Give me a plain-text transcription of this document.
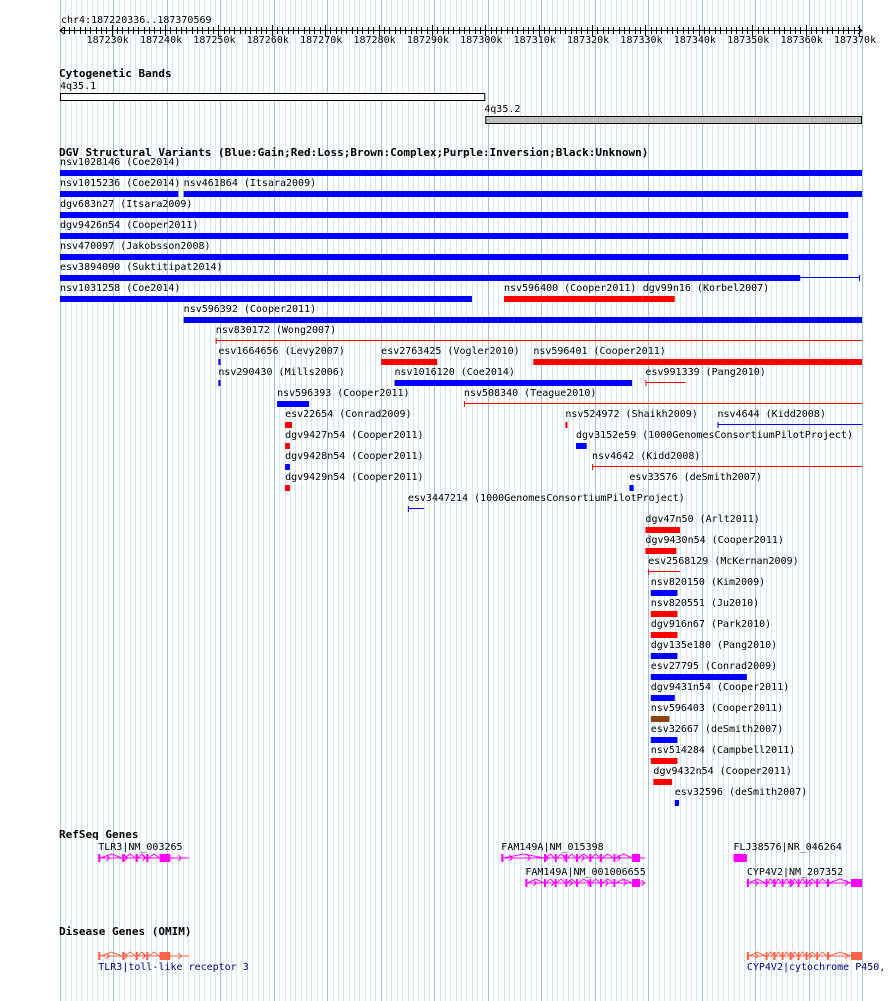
chr4:187220336..187370569
187230k 187240k 187250k 187260k 187270k 187280k 187290k 187300k 187310k 187320k 187330k 187340k 187350k 187360k 187370k
Cytogenetic Bands
4q35.1
4q35.2
DGV Structural Variants (Blue:Gain;Red:Loss;Brown:Complex;Purple:Inversion;Black:Unknown)
nsv1028146 (Coe2014)
nsv1015236 (Coe2014) nsv461864 (Itsara2009)
dgv683n27 (Itsara2009)
dgv9426n54 (Cooper2011)
nsv470097 (Jakobsson2008)
esv3894090 (Suktitipat2014)
nsv1031258 (Coe2014)	nsv596400 (Cooper2011) dgv99n16 (Korbel2007)
nsv596392 (Cooper2011)
nsv830172 (Wong2007)
esv1664656 (Levy2007)	esv2763425 (Vogler2010) nsv596401 (Cooper2011)
nsv290430 (Mills2006)	nsv1016120 (Coe2014)	esv991339 (Pang2010)
nsv596393 (Cooper2011)	nsv508340 (Teague2010)
esv22654 (Conrad2009)	nsv524972 (Shaikh2009) nsv4644 (Kidd2008)
dgv9427n54 (Cooper2011)	dgv3152e59 (1000GenomesConsortiumPilotProject)
dgv9428n54 (Cooper2011)	nsv4642 (Kidd2008)
dgv9429n54 (Cooper2011)	esv33576 (deSmith2007)
esv3447214 (1000GenomesConsortiumPilotProject)
dgv47n50 (Arlt2011)
dgv9430n54 (Cooper2011)
esv2568129 (McKernan2009)
nsv820150 (Kim2009)
nsv820551 (Ju2010)
dgv916n67 (Park2010)
dgv135e180 (Pang2010)
esv27795 (Conrad2009)
dgv9431n54 (Cooper2011)
nsv596403 (Cooper2011)
esv32667 (deSmith2007)
nsv514284 (Campbell2011)
dgv9432n54 (Cooper2011)
esv32596 (deSmith2007)
RefSeq Genes
TLR3|NM_003265	FAM149A|NM_015398
FAM149A|NM_001006655
FLJ38576|NR_046264
CYP4V2|NM_207352
Disease Genes (OMIM)
TLR3|toll-like receptor 3	CYP4V2|cytochrome P450,
